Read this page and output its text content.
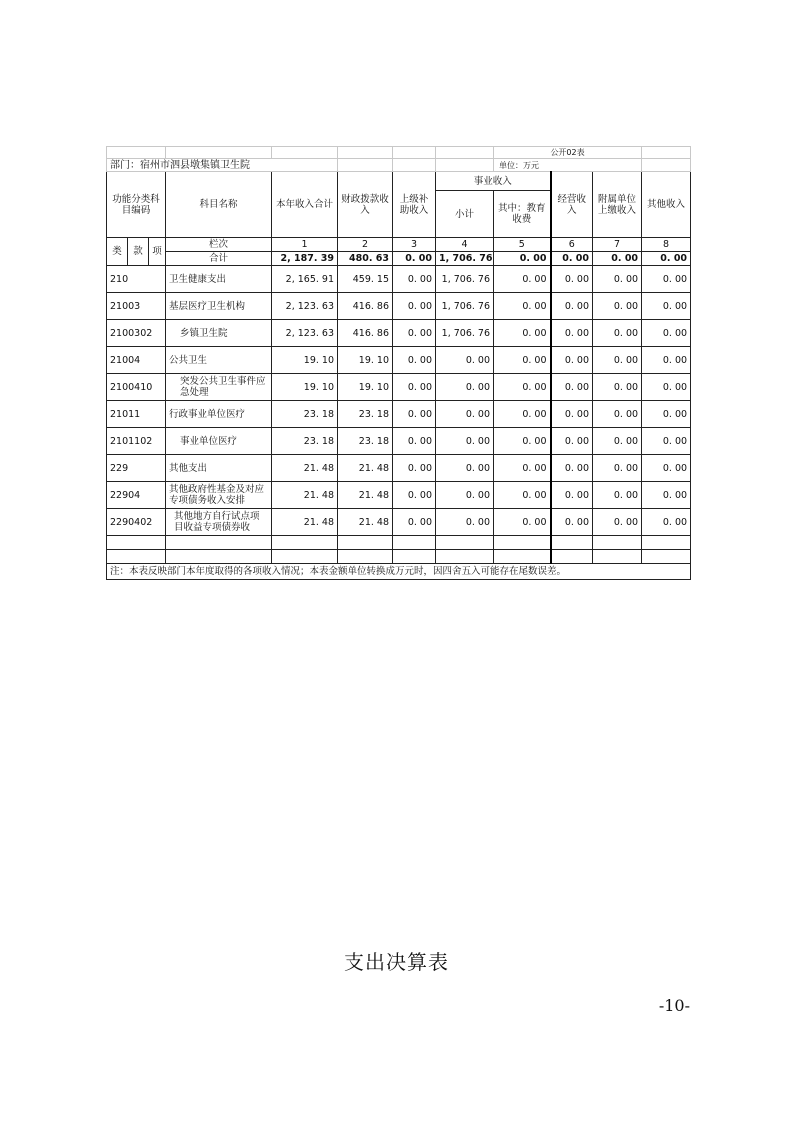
								公开02表			
部门：宿州市泗县墩集镇卫生院								单位：万元			
功能分类科目编码			科目名称	本年收入合计	财政拨款收入	上级补助收入	事业收入		经营收入	附属单位上缴收入	其他收入
							小计	其中：教育收费			
类	款	项	栏次	1	2	3	4	5	6	7	8
			合计	2, 187. 39	480. 63	0. 00	1, 706. 76	0. 00	0. 00	0. 00	0. 00
210			卫生健康支出	2, 165. 91	459. 15	0. 00	1, 706. 76	0. 00	0. 00	0. 00	0. 00
21003			基层医疗卫生机构	2, 123. 63	416. 86	0. 00	1, 706. 76	0. 00	0. 00	0. 00	0. 00
2100302			乡镇卫生院	2, 123. 63	416. 86	0. 00	1, 706. 76	0. 00	0. 00	0. 00	0. 00
21004			公共卫生	19. 10	19. 10	0. 00	0. 00	0. 00	0. 00	0. 00	0. 00
2100410			突发公共卫生事件应急处理	19. 10	19. 10	0. 00	0. 00	0. 00	0. 00	0. 00	0. 00
21011			行政事业单位医疗	23. 18	23. 18	0. 00	0. 00	0. 00	0. 00	0. 00	0. 00
2101102			事业单位医疗	23. 18	23. 18	0. 00	0. 00	0. 00	0. 00	0. 00	0. 00
229			其他支出	21. 48	21. 48	0. 00	0. 00	0. 00	0. 00	0. 00	0. 00
22904			其他政府性基金及对应专项债务收入安排	21. 48	21. 48	0. 00	0. 00	0. 00	0. 00	0. 00	0. 00
2290402			其他地方自行试点项目收益专项债券收	21. 48	21. 48	0. 00	0. 00	0. 00	0. 00	0. 00	0. 00

注：本表反映部门本年度取得的各项收入情况；本表金额单位转换成万元时，因四舍五入可能存在尾数误差。											
支出决算表
-10-
